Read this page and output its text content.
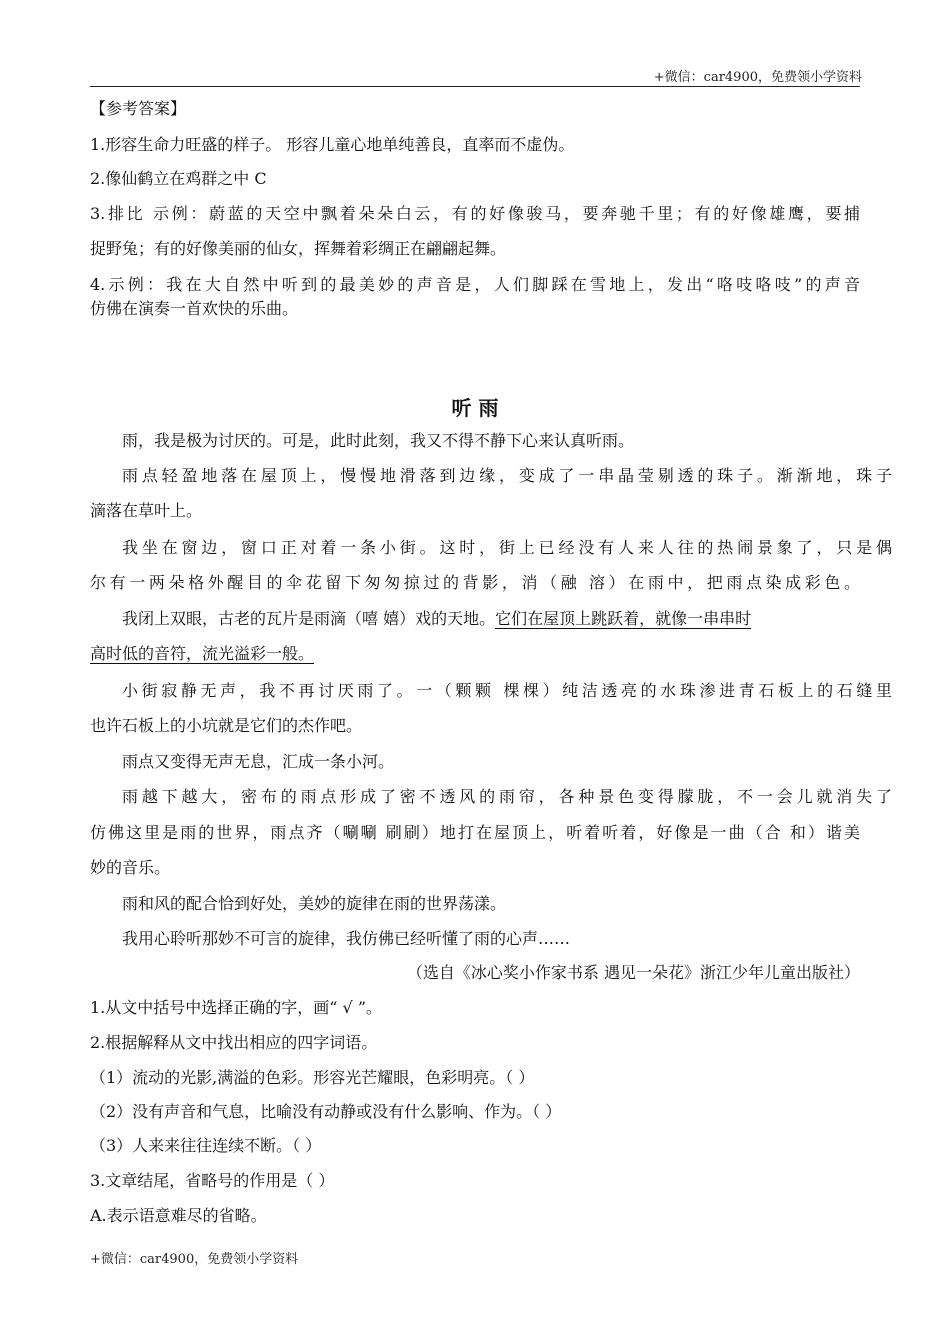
+微信：car4900，免费领小学资料
【参考答案】
1.形容生命力旺盛的样子。 形容儿童心地单纯善良，直率而不虚伪。
2.像仙鹤立在鸡群之中 C
3.排比 示例：蔚蓝的天空中飘着朵朵白云，有的好像骏马，要奔驰千里；有的好像雄鹰，要捕
捉野兔；有的好像美丽的仙女，挥舞着彩绸正在翩翩起舞。
4.示例：我在大自然中听到的最美妙的声音是，人们脚踩在雪地上，发出“咯吱咯吱”的声音
仿佛在演奏一首欢快的乐曲。
听 雨
雨，我是极为讨厌的。可是，此时此刻，我又不得不静下心来认真听雨。
雨点轻盈地落在屋顶上，慢慢地滑落到边缘，变成了一串晶莹剔透的珠子。渐渐地，珠子
滴落在草叶上。
我坐在窗边，窗口正对着一条小街。这时，街上已经没有人来人往的热闹景象了，只是偶
尔有一两朵格外醒目的伞花留下匆匆掠过的背影，消（融 溶）在雨中，把雨点染成彩色。
我闭上双眼，古老的瓦片是雨滴（嘻 嬉）戏的天地。它们在屋顶上跳跃着，就像一串串时
高时低的音符，流光溢彩一般。
小街寂静无声，我不再讨厌雨了。一（颗颗 棵棵）纯洁透亮的水珠渗进青石板上的石缝里
也许石板上的小坑就是它们的杰作吧。
雨点又变得无声无息，汇成一条小河。
雨越下越大，密布的雨点形成了密不透风的雨帘，各种景色变得朦胧，不一会儿就消失了
仿佛这里是雨的世界，雨点齐（唰唰 刷刷）地打在屋顶上，听着听着，好像是一曲（合 和）谐美
妙的音乐。
雨和风的配合恰到好处，美妙的旋律在雨的世界荡漾。
我用心聆听那妙不可言的旋律，我仿佛已经听懂了雨的心声……
（选自《冰心奖小作家书系 遇见一朵花》浙江少年儿童出版社）
1.从文中括号中选择正确的字，画“ √ ”。
2.根据解释从文中找出相应的四字词语。
（1）流动的光影,满溢的色彩。形容光芒耀眼，色彩明亮。（ ）
（2）没有声音和气息，比喻没有动静或没有什么影响、作为。（ ）
（3）人来来往往连续不断。（ ）
3.文章结尾，省略号的作用是（ ）
A.表示语意难尽的省略。
+微信：car4900，免费领小学资料
